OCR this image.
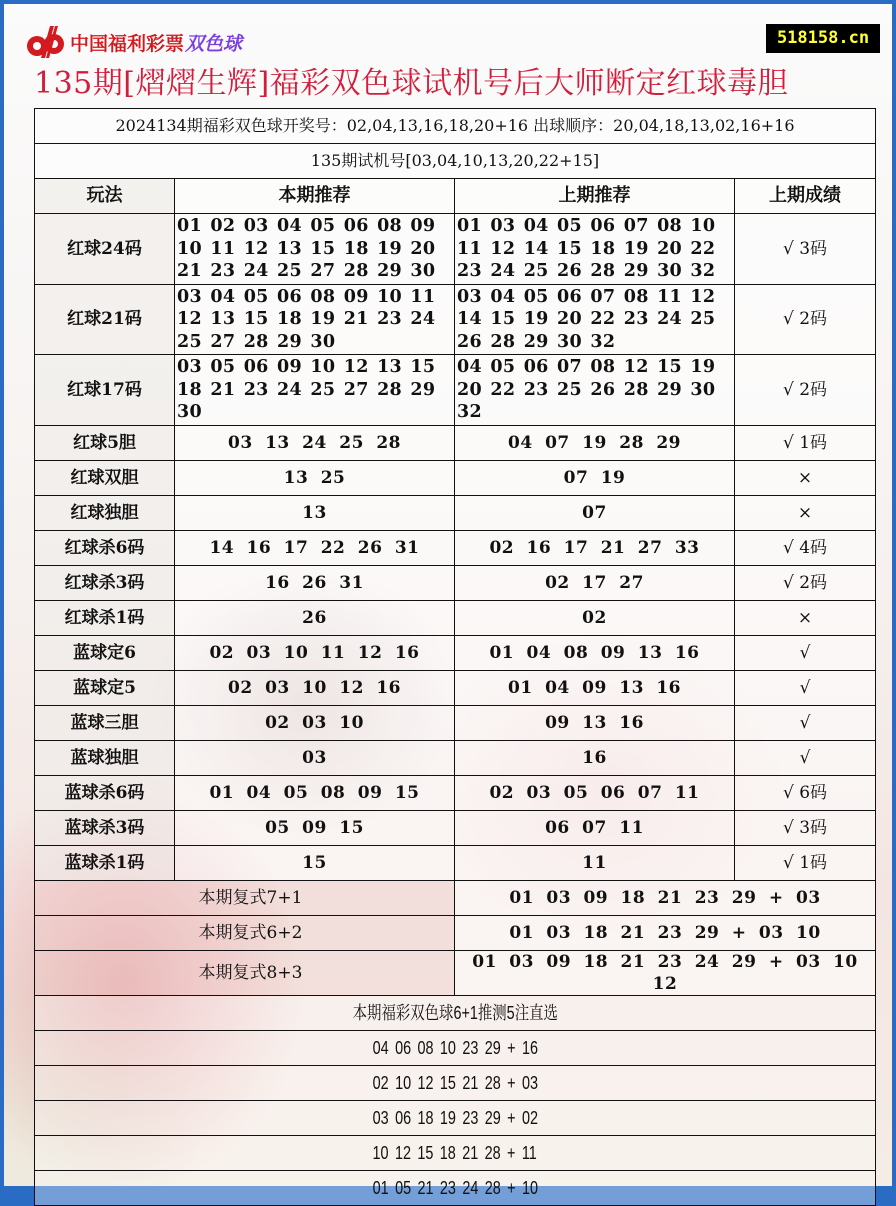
中国福利彩票双色球	518158.cn
135期[熠熠生辉]福彩双色球试机号后大师断定红球毒胆
2024134期福彩双色球开奖号：02,04,13,16,18,20+16 出球顺序：20,04,18,13,02,16+16			
135期试机号[03,04,10,13,20,22+15]			
玩法	本期推荐	上期推荐	上期成绩
红球24码	01 02 03 04 05 06 08 09 10 11 12 13 15 18 19 20 21 23 24 25 27 28 29 30	01 03 04 05 06 07 08 10 11 12 14 15 18 19 20 22 23 24 25 26 28 29 30 32	√ 3码
红球21码	03 04 05 06 08 09 10 11 12 13 15 18 19 21 23 24 25 27 28 29 30	03 04 05 06 07 08 11 12 14 15 19 20 22 23 24 25 26 28 29 30 32	√ 2码
红球17码	03 05 06 09 10 12 13 15 18 21 23 24 25 27 28 29 30	04 05 06 07 08 12 15 19 20 22 23 25 26 28 29 30 32	√ 2码
红球5胆	03 13 24 25 28	04 07 19 28 29	√ 1码
红球双胆	13 25	07 19	×
红球独胆	13	07	×
红球杀6码	14 16 17 22 26 31	02 16 17 21 27 33	√ 4码
红球杀3码	16 26 31	02 17 27	√ 2码
红球杀1码	26	02	×
蓝球定6	02 03 10 11 12 16	01 04 08 09 13 16	√
蓝球定5	02 03 10 12 16	01 04 09 13 16	√
蓝球三胆	02 03 10	09 13 16	√
蓝球独胆	03	16	√
蓝球杀6码	01 04 05 08 09 15	02 03 05 06 07 11	√ 6码
蓝球杀3码	05 09 15	06 07 11	√ 3码
蓝球杀1码	15	11	√ 1码
本期复式7+1		01 03 09 18 21 23 29 + 03	
本期复式6+2		01 03 18 21 23 29 + 03 10	
本期复式8+3		01 03 09 18 21 23 24 29 + 03 10 12	
本期福彩双色球6+1推测5注直选			
04 06 08 10 23 29 + 16			
02 10 12 15 21 28 + 03			
03 06 18 19 23 29 + 02			
10 12 15 18 21 28 + 11			
01 05 21 23 24 28 + 10			
